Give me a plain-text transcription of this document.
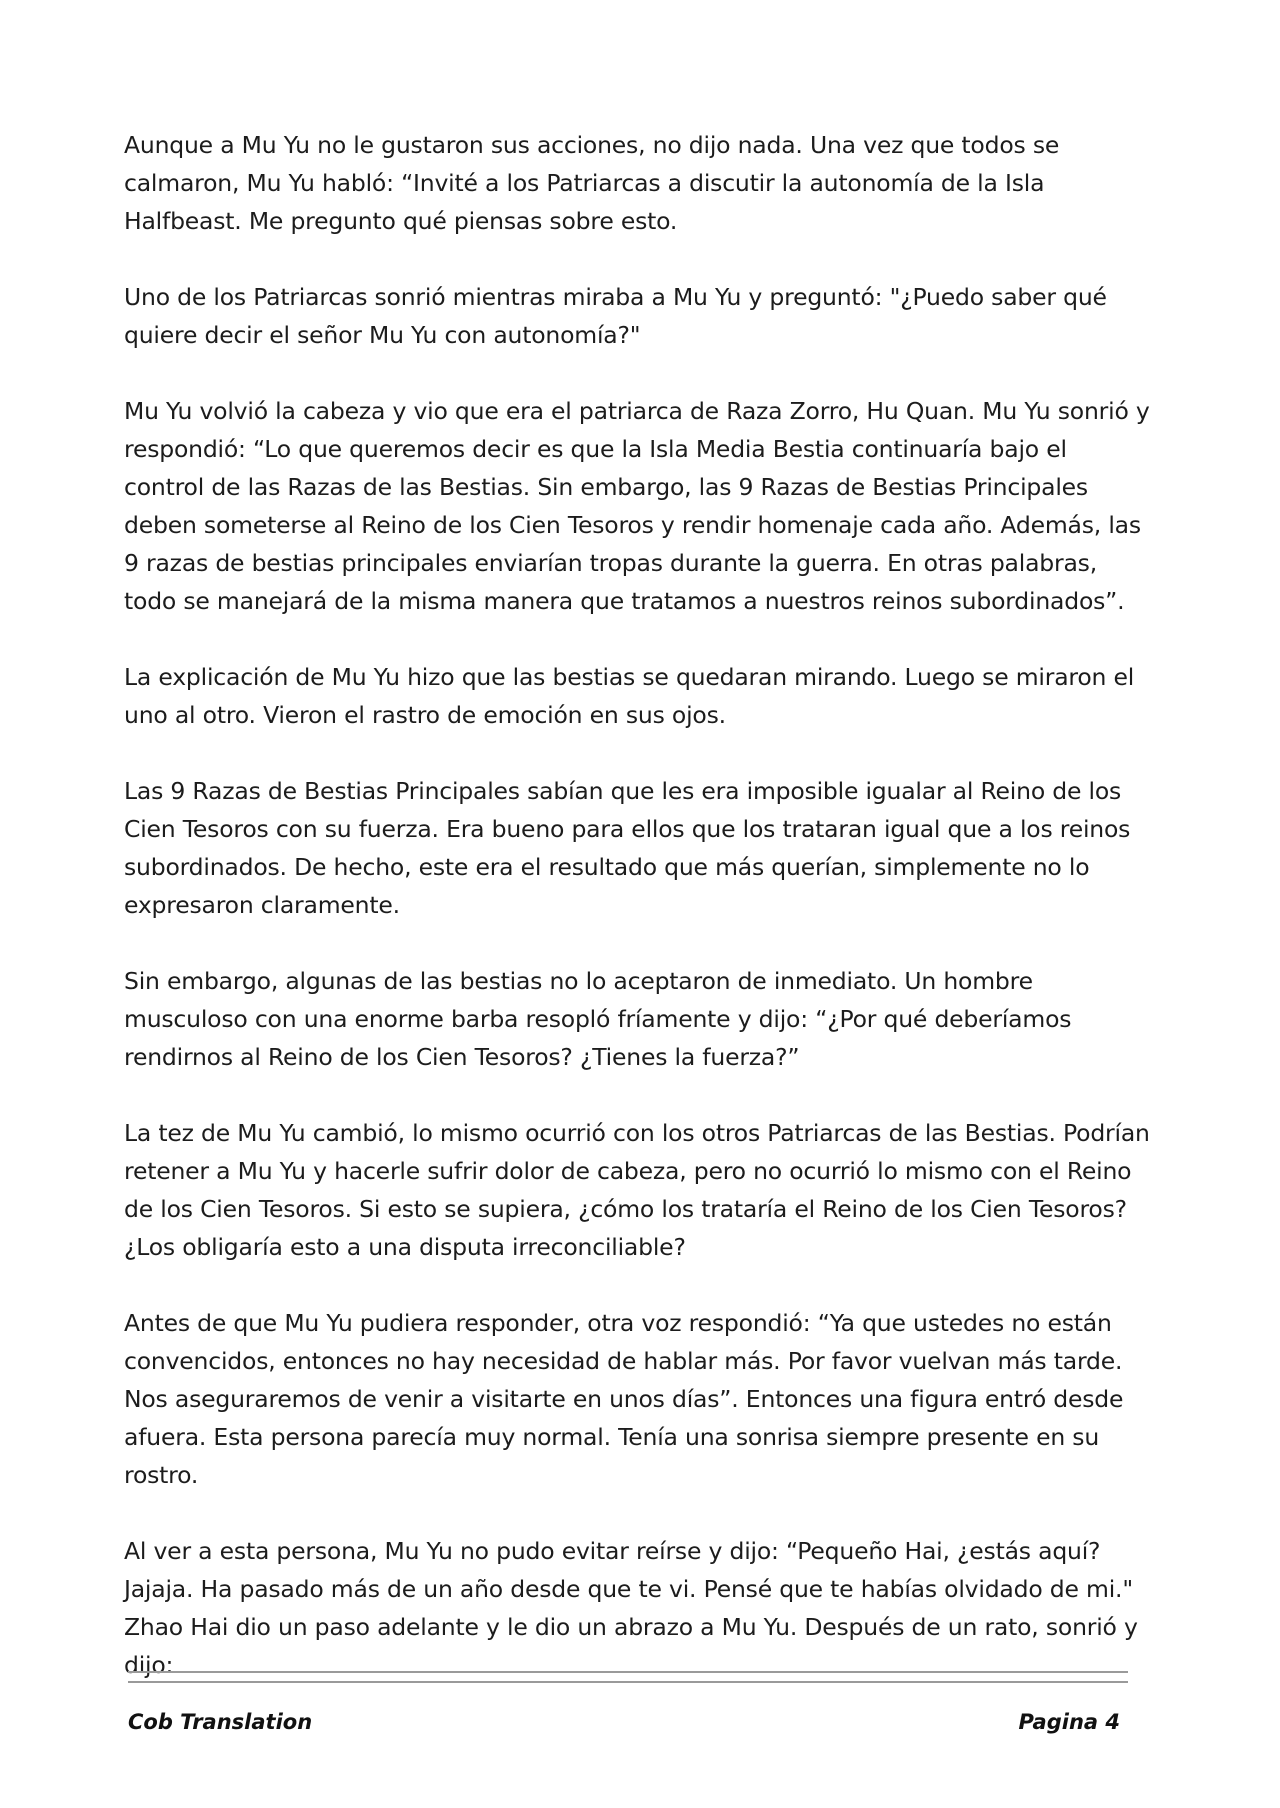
Aunque a Mu Yu no le gustaron sus acciones, no dijo nada. Una vez que todos se calmaron, Mu Yu habló: “Invité a los Patriarcas a discutir la autonomía de la Isla Halfbeast. Me pregunto qué piensas sobre esto.

Uno de los Patriarcas sonrió mientras miraba a Mu Yu y preguntó: "¿Puedo saber qué quiere decir el señor Mu Yu con autonomía?"

Mu Yu volvió la cabeza y vio que era el patriarca de Raza Zorro, Hu Quan. Mu Yu sonrió y respondió: “Lo que queremos decir es que la Isla Media Bestia continuaría bajo el control de las Razas de las Bestias. Sin embargo, las 9 Razas de Bestias Principales deben someterse al Reino de los Cien Tesoros y rendir homenaje cada año. Además, las 9 razas de bestias principales enviarían tropas durante la guerra. En otras palabras, todo se manejará de la misma manera que tratamos a nuestros reinos subordinados”.

La explicación de Mu Yu hizo que las bestias se quedaran mirando. Luego se miraron el uno al otro. Vieron el rastro de emoción en sus ojos.

Las 9 Razas de Bestias Principales sabían que les era imposible igualar al Reino de los Cien Tesoros con su fuerza. Era bueno para ellos que los trataran igual que a los reinos subordinados. De hecho, este era el resultado que más querían, simplemente no lo expresaron claramente.

Sin embargo, algunas de las bestias no lo aceptaron de inmediato. Un hombre musculoso con una enorme barba resopló fríamente y dijo: “¿Por qué deberíamos rendirnos al Reino de los Cien Tesoros? ¿Tienes la fuerza?”

La tez de Mu Yu cambió, lo mismo ocurrió con los otros Patriarcas de las Bestias. Podrían retener a Mu Yu y hacerle sufrir dolor de cabeza, pero no ocurrió lo mismo con el Reino de los Cien Tesoros. Si esto se supiera, ¿cómo los trataría el Reino de los Cien Tesoros? ¿Los obligaría esto a una disputa irreconciliable?

Antes de que Mu Yu pudiera responder, otra voz respondió: “Ya que ustedes no están convencidos, entonces no hay necesidad de hablar más. Por favor vuelvan más tarde. Nos aseguraremos de venir a visitarte en unos días”. Entonces una figura entró desde afuera. Esta persona parecía muy normal. Tenía una sonrisa siempre presente en su rostro.

Al ver a esta persona, Mu Yu no pudo evitar reírse y dijo: “Pequeño Hai, ¿estás aquí? Jajaja. Ha pasado más de un año desde que te vi. Pensé que te habías olvidado de mi." Zhao Hai dio un paso adelante y le dio un abrazo a Mu Yu. Después de un rato, sonrió y dijo:

Cob Translation	Pagina 4
